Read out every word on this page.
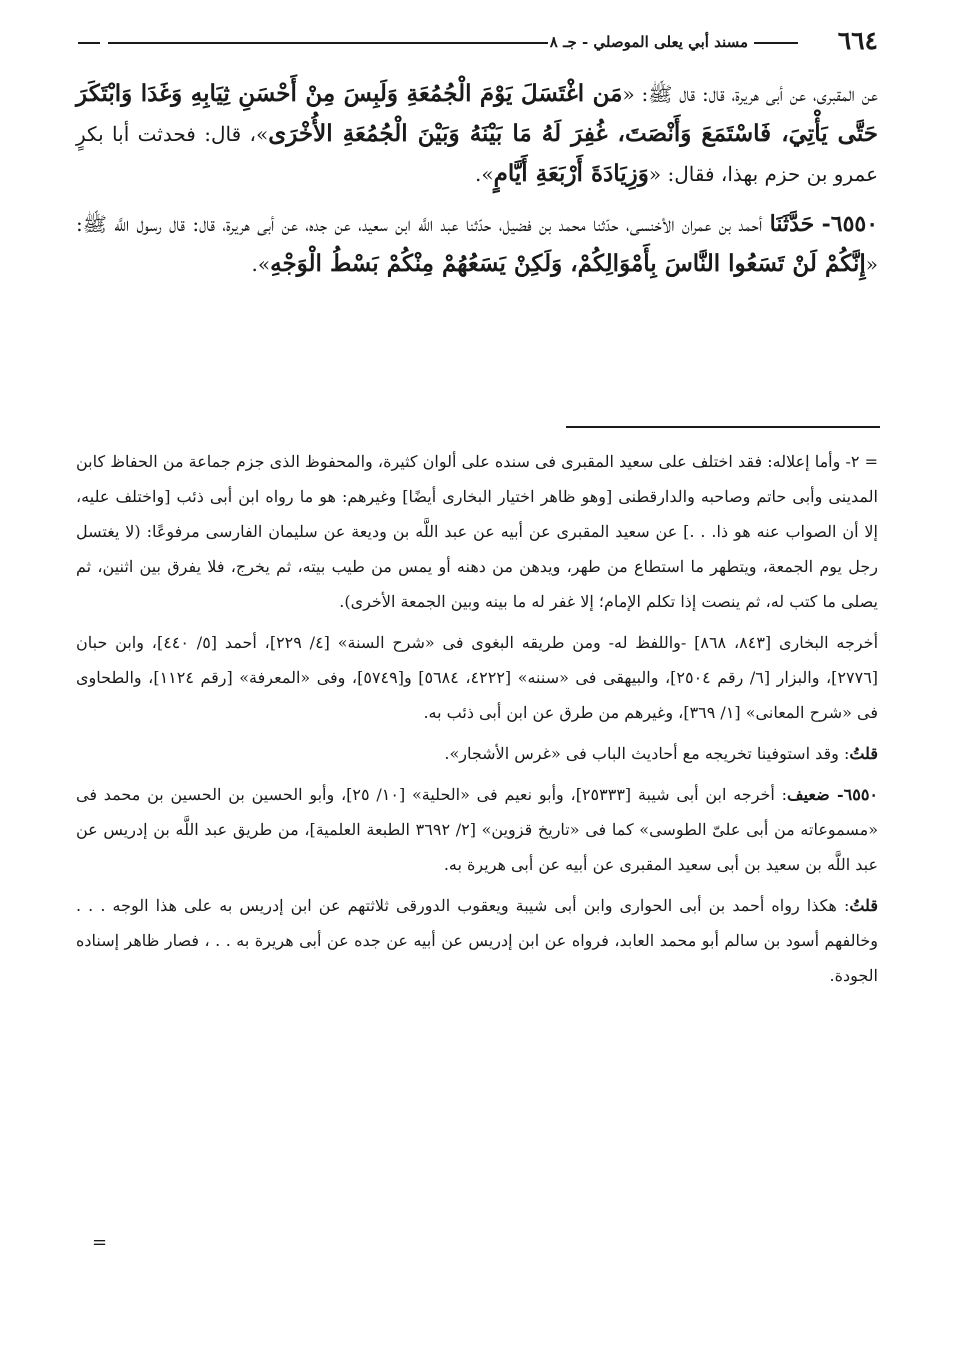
٦٦٤
مسند أبي يعلى الموصلي - جـ ٨

عن المقبرى، عن أبى هريرة، قال: قال ﷺ: «مَن اغْتَسَلَ يَوْمَ الْجُمُعَةِ وَلَبِسَ مِنْ أَحْسَنِ ثِيَابِهِ وَغَدَا وَابْتَكَرَ حَتَّى يَأْتِيَ، فَاسْتَمَعَ وَأَنْصَتَ، غُفِرَ لَهُ مَا بَيْنَهُ وَبَيْنَ الْجُمُعَةِ الأُخْرَى»، قال: فحدثت أبا بكرٍ عمرو بن حزم بهذا، فقال: «وَزِيَادَةَ أَرْبَعَةِ أَيَّامٍ».

٦٥٥٠- حَدَّثَنَا أحمد بن عمران الأخنسى، حدّثنا محمد بن فضيل، حدّثنا عبد اللَّه ابن سعيد، عن جده، عن أبى هريرة، قال: قال رسول اللَّه ﷺ: «إِنَّكُمْ لَنْ تَسَعُوا النَّاسَ بِأَمْوَالِكُمْ، وَلَكِنْ يَسَعُهُمْ مِنْكُمْ بَسْطُ الْوَجْهِ».

= ٢- وأما إعلاله: فقد اختلف على سعيد المقبرى فى سنده على ألوان كثيرة، والمحفوظ الذى جزم جماعة من الحفاظ كابن المدينى وأبى حاتم وصاحبه والدارقطنى [وهو ظاهر اختيار البخارى أيضًا] وغيرهم: هو ما رواه ابن أبى ذئب [واختلف عليه، إلا أن الصواب عنه هو ذا. . .] عن سعيد المقبرى عن أبيه عن عبد اللَّه بن وديعة عن سليمان الفارسى مرفوعًا: (لا يغتسل رجل يوم الجمعة، ويتطهر ما استطاع من طهر، ويدهن من دهنه أو يمس من طيب بيته، ثم يخرج، فلا يفرق بين اثنين، ثم يصلى ما كتب له، ثم ينصت إذا تكلم الإمام؛ إلا غفر له ما بينه وبين الجمعة الأخرى).

أخرجه البخارى [٨٤٣، ٨٦٨] -واللفظ له- ومن طريقه البغوى فى «شرح السنة» [٤/ ٢٢٩]، أحمد [٥/ ٤٤٠]، وابن حبان [٢٧٧٦]، والبزار [٦/ رقم ٢٥٠٤]، والبيهقى فى «سننه» [٤٢٢٢، ٥٦٨٤] و[٥٧٤٩]، وفى «المعرفة» [رقم ١١٢٤]، والطحاوى فى «شرح المعانى» [١/ ٣٦٩]، وغيرهم من طرق عن ابن أبى ذئب به.

قلتُ: وقد استوفينا تخريجه مع أحاديث الباب فى «غرس الأشجار».

٦٥٥٠- ضعيف: أخرجه ابن أبى شيبة [٢٥٣٣٣]، وأبو نعيم فى «الحلية» [١٠/ ٢٥]، وأبو الحسين بن الحسين بن محمد فى «مسموعاته من أبى علىّ الطوسى» كما فى «تاريخ قزوين» [٢/ ٣٦٩٢ الطبعة العلمية]، من طريق عبد اللَّه بن إدريس عن عبد اللَّه بن سعيد بن أبى سعيد المقبرى عن أبيه عن أبى هريرة به.

قلتُ: هكذا رواه أحمد بن أبى الحوارى وابن أبى شيبة ويعقوب الدورقى ثلاثتهم عن ابن إدريس به على هذا الوجه . . . وخالفهم أسود بن سالم أبو محمد العابد، فرواه عن ابن إدريس عن أبيه عن جده عن أبى هريرة به . . ، فصار ظاهر إسناده الجودة.

=
